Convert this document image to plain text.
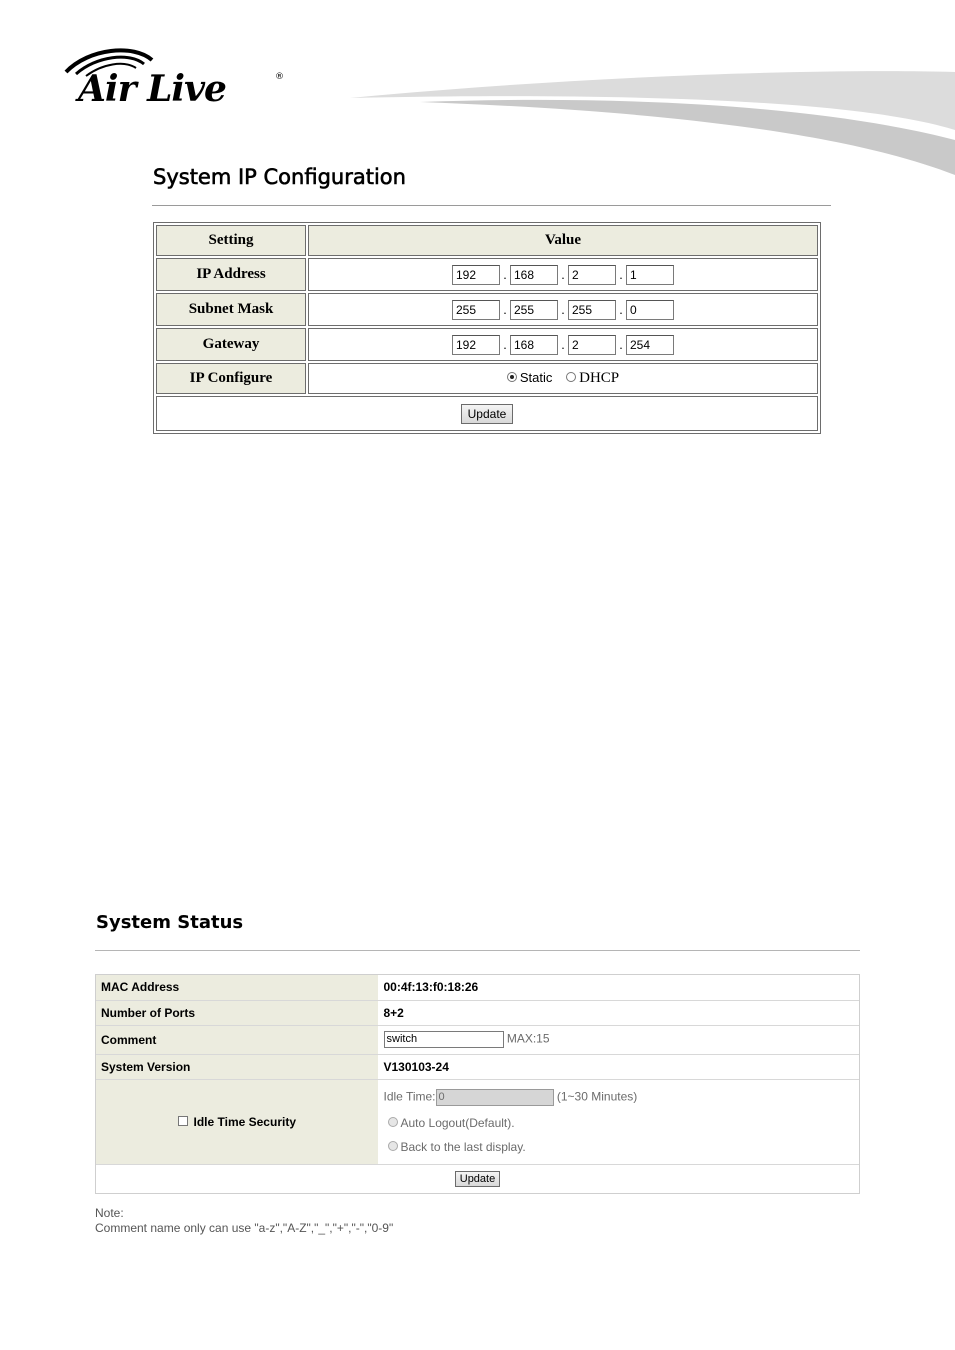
Air Live	®
System IP Configuration
Setting	Value
IP Address	192 . 168 . 2 . 1
Subnet Mask	255 . 255 . 255 . 0
Gateway	192 . 168 . 2 . 254
IP Configure	Static DHCP
Update	
System Status
MAC Address	00:4f:13:f0:18:26
Number of Ports	8+2
Comment	switch MAX:15
System Version	V130103-24
Idle Time Security	Idle Time: 0 (1~30 Minutes)
Auto Logout(Default).
Back to the last display.

Update	
Note:
Comment name only can use "a-z","A-Z","_","+","-","0-9"
